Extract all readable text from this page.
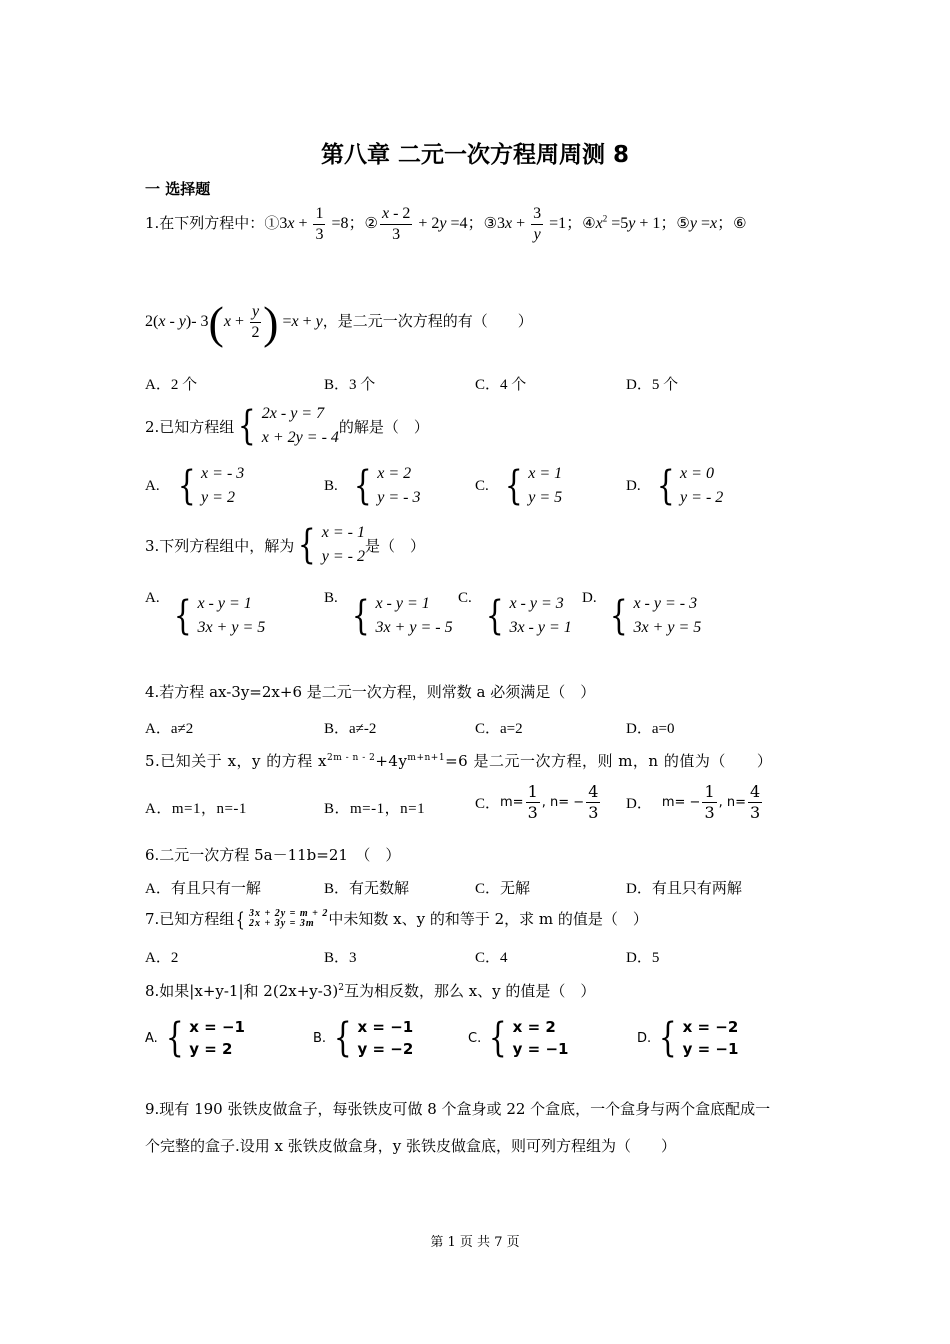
第八章 二元一次方程周周测 8
一 选择题
1.在下列方程中：①3x + $\frac{1}{3} =8$；② $\frac{x - 2}{3} + 2y =4$；③3x + $\frac{3}{y} =1$；$④x^2 =5y + 1$；⑤y =x；⑥
2(x - y)- $3(x + \frac{y}{2}$ ) =x + y，是二元一次方程的有（　　）
A．2 个	B．3 个	C．4 个	D．5 个
2.已知方程组 { 2x - y = 7
x + 2y = - 4
的解是（　）
A. { x = - 3
y = 2
B. { x = 2
y = - 3
C. { x = 1
y = 5
D. { x = 0
y = - 2
3.下列方程组中，解为 { x = - 1
y = - 2
是（　）
A. { x - y = 1
3x + y = 5
B. { x - y = 1
3x + y = - 5
C. { x - y = 3
3x - y = 1
D. { x - y = - 3
3x + y = 5
4.若方程 ax-3y=2x+6 是二元一次方程，则常数 a 必须满足（　）
A．a≠2	B．a≠-2	C．a=2	D．a=0
5.已知关于 x，y 的方程 $x^{2m - n - 2}+4y^{m+n+1}=6$ 是二元一次方程，则 m，n 的值为（　　）
A．m=1，n=-1	B．m=-1，n=1	C． $m= \frac{1}{3}$ , $n= - \frac{4}{3}$ D． $m= - \frac{1}{3}$ , $n= \frac{4}{3}$
6.二元一次方程 5a－11b=21　（　）
A．有且只有一解	B．有无数解	C．无解	D．有且只有两解
7.已知方程组 { 3x + 2y = m + 2
2x + 3y = 3m 中未知数 x、y 的和等于 2，求 m 的值是（　）
A．2	B．3	C．4	D．5
8.如果|x+y-1|和 $2(2x+y-3)^2$互为相反数，那么 x、y 的值是（　）
A. { x = −1
y = 2
B. { x = −1
y = −2
C. { x = 2
y = −1
D. { x = −2
y = −1
9.现有 190 张铁皮做盒子，每张铁皮可做 8 个盒身或 22 个盒底，一个盒身与两个盒底配成一
个完整的盒子.设用 x 张铁皮做盒身，y 张铁皮做盒底，则可列方程组为（　　）
第 1 页 共 7 页
